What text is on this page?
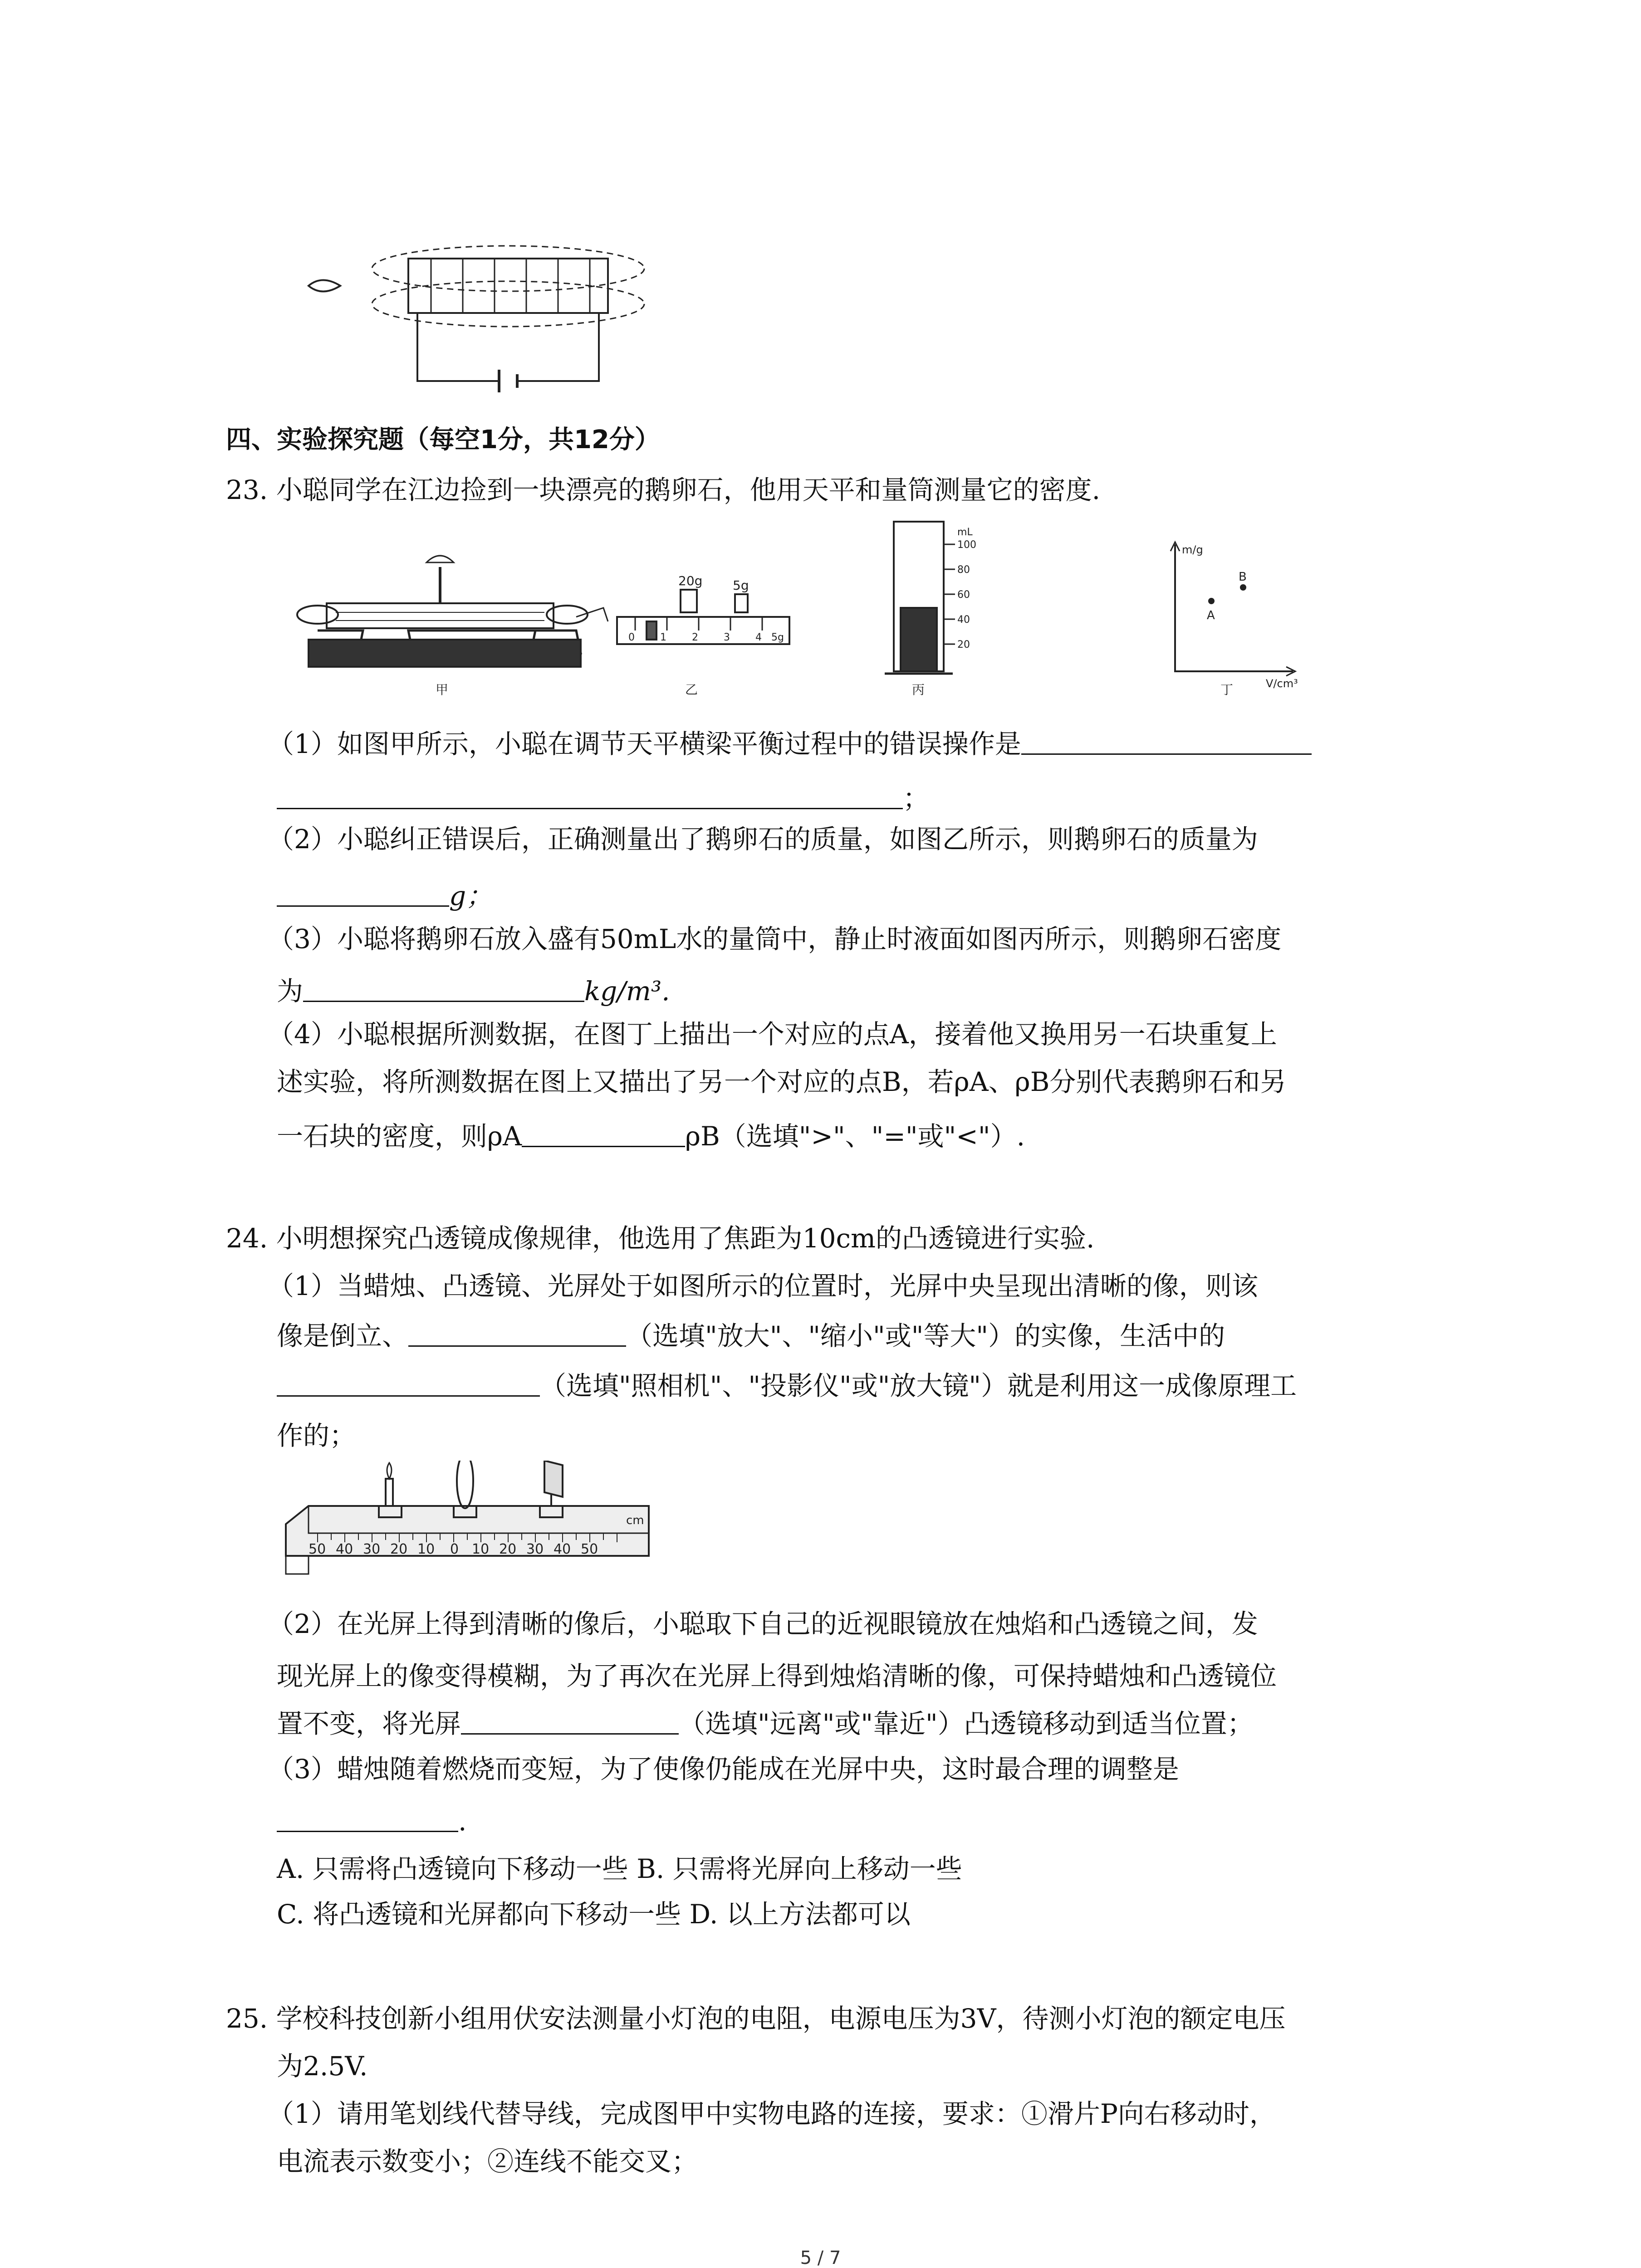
四、实验探究题（每空1分，共12分）
23. 小聪同学在江边捡到一块漂亮的鹅卵石，他用天平和量筒测量它的密度.
甲	乙	丙	丁
20g 5g
0	1	2	3	4 5g
mL
100
80
60
40
20
m/g
V/cm³
A
B
（1）如图甲所示，小聪在调节天平横梁平衡过程中的错误操作是
；
（2）小聪纠正错误后，正确测量出了鹅卵石的质量，如图乙所示，则鹅卵石的质量为
g；
（3）小聪将鹅卵石放入盛有50mL水的量筒中，静止时液面如图丙所示，则鹅卵石密度
为	kg/m³.
（4）小聪根据所测数据，在图丁上描出一个对应的点A，接着他又换用另一石块重复上
述实验，将所测数据在图上又描出了另一个对应的点B，若ρA、ρB分别代表鹅卵石和另
一石块的密度，则ρA	ρB（选填">"、"="或"<"）.
24. 小明想探究凸透镜成像规律，他选用了焦距为10cm的凸透镜进行实验.
（1）当蜡烛、凸透镜、光屏处于如图所示的位置时，光屏中央呈现出清晰的像，则该
像是倒立、	（选填"放大"、"缩小"或"等大"）的实像，生活中的
（选填"照相机"、"投影仪"或"放大镜"）就是利用这一成像原理工
作的；
50 40 30 20 10 0 10 20 30 40 50
cm
（2）在光屏上得到清晰的像后，小聪取下自己的近视眼镜放在烛焰和凸透镜之间，发
现光屏上的像变得模糊，为了再次在光屏上得到烛焰清晰的像，可保持蜡烛和凸透镜位
置不变，将光屏	（选填"远离"或"靠近"）凸透镜移动到适当位置；
（3）蜡烛随着燃烧而变短，为了使像仍能成在光屏中央，这时最合理的调整是
.
A. 只需将凸透镜向下移动一些 B. 只需将光屏向上移动一些
C. 将凸透镜和光屏都向下移动一些 D. 以上方法都可以
25. 学校科技创新小组用伏安法测量小灯泡的电阻，电源电压为3V，待测小灯泡的额定电压
为2.5V.
（1）请用笔划线代替导线，完成图甲中实物电路的连接，要求：①滑片P向右移动时，
电流表示数变小；②连线不能交叉；
5 / 7
